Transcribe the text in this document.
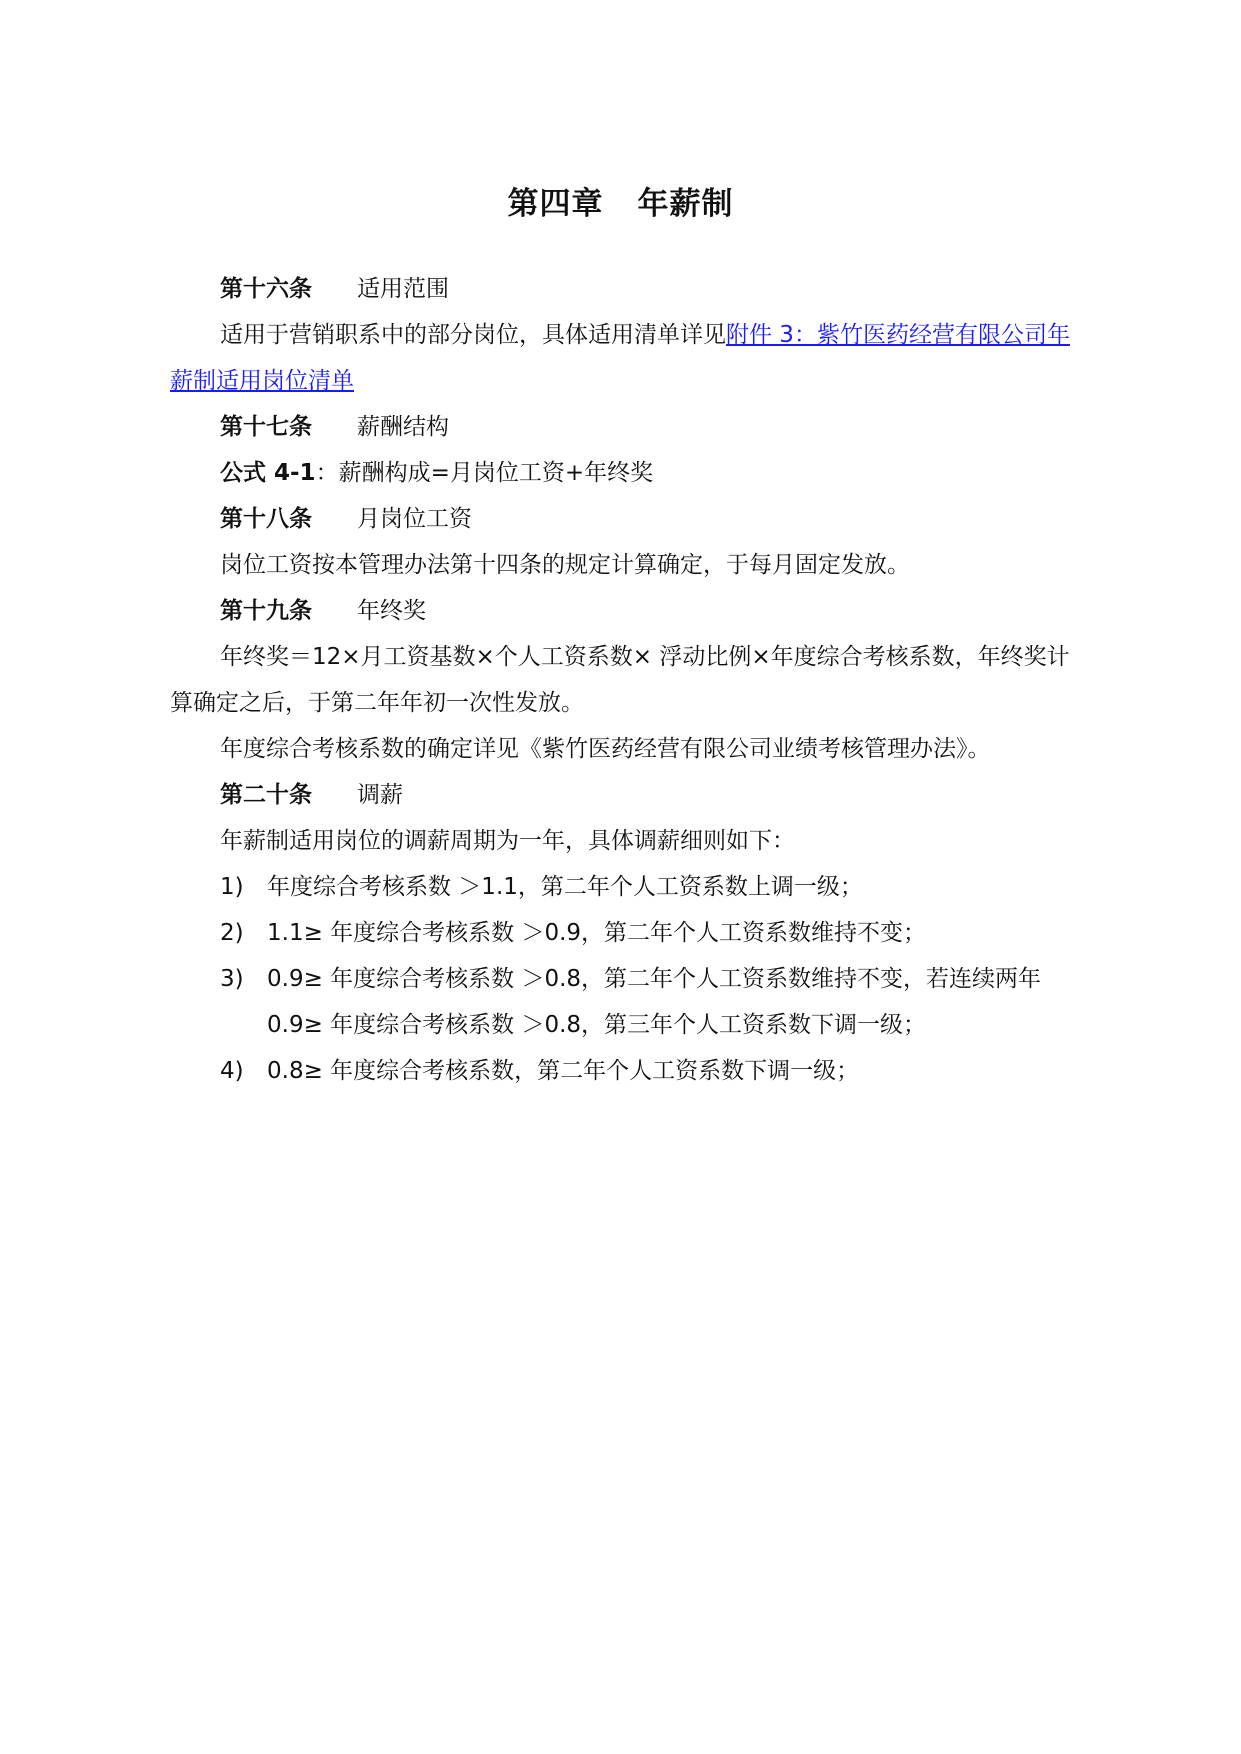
第四章 年薪制

第十六条 适用范围

适用于营销职系中的部分岗位，具体适用清单详见附件 3：紫竹医药经营有限公司年薪制适用岗位清单

第十七条 薪酬结构

公式 4-1：薪酬构成=月岗位工资+年终奖

第十八条 月岗位工资

岗位工资按本管理办法第十四条的规定计算确定，于每月固定发放。

第十九条 年终奖

年终奖＝12×月工资基数×个人工资系数× 浮动比例×年度综合考核系数，年终奖计算确定之后，于第二年年初一次性发放。

年度综合考核系数的确定详见《紫竹医药经营有限公司业绩考核管理办法》。

第二十条 调薪

年薪制适用岗位的调薪周期为一年，具体调薪细则如下：

1) 年度综合考核系数 ＞1.1，第二年个人工资系数上调一级；

2) 1.1≥ 年度综合考核系数 ＞0.9，第二年个人工资系数维持不变；

3) 0.9≥ 年度综合考核系数 ＞0.8，第二年个人工资系数维持不变，若连续两年 0.9≥ 年度综合考核系数 ＞0.8，第三年个人工资系数下调一级；

4) 0.8≥ 年度综合考核系数，第二年个人工资系数下调一级；
